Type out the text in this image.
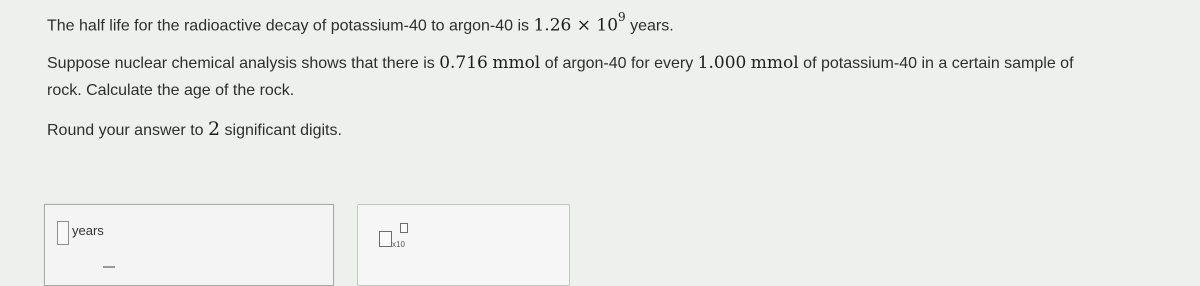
The half life for the radioactive decay of potassium-40 to argon-40 is $1.26 \times 10^9$ years.
Suppose nuclear chemical analysis shows that there is 0.716 mmol of argon-40 for every 1.000 mmol of potassium-40 in a certain sample of
rock. Calculate the age of the rock.
Round your answer to 2 significant digits.
years
x10
